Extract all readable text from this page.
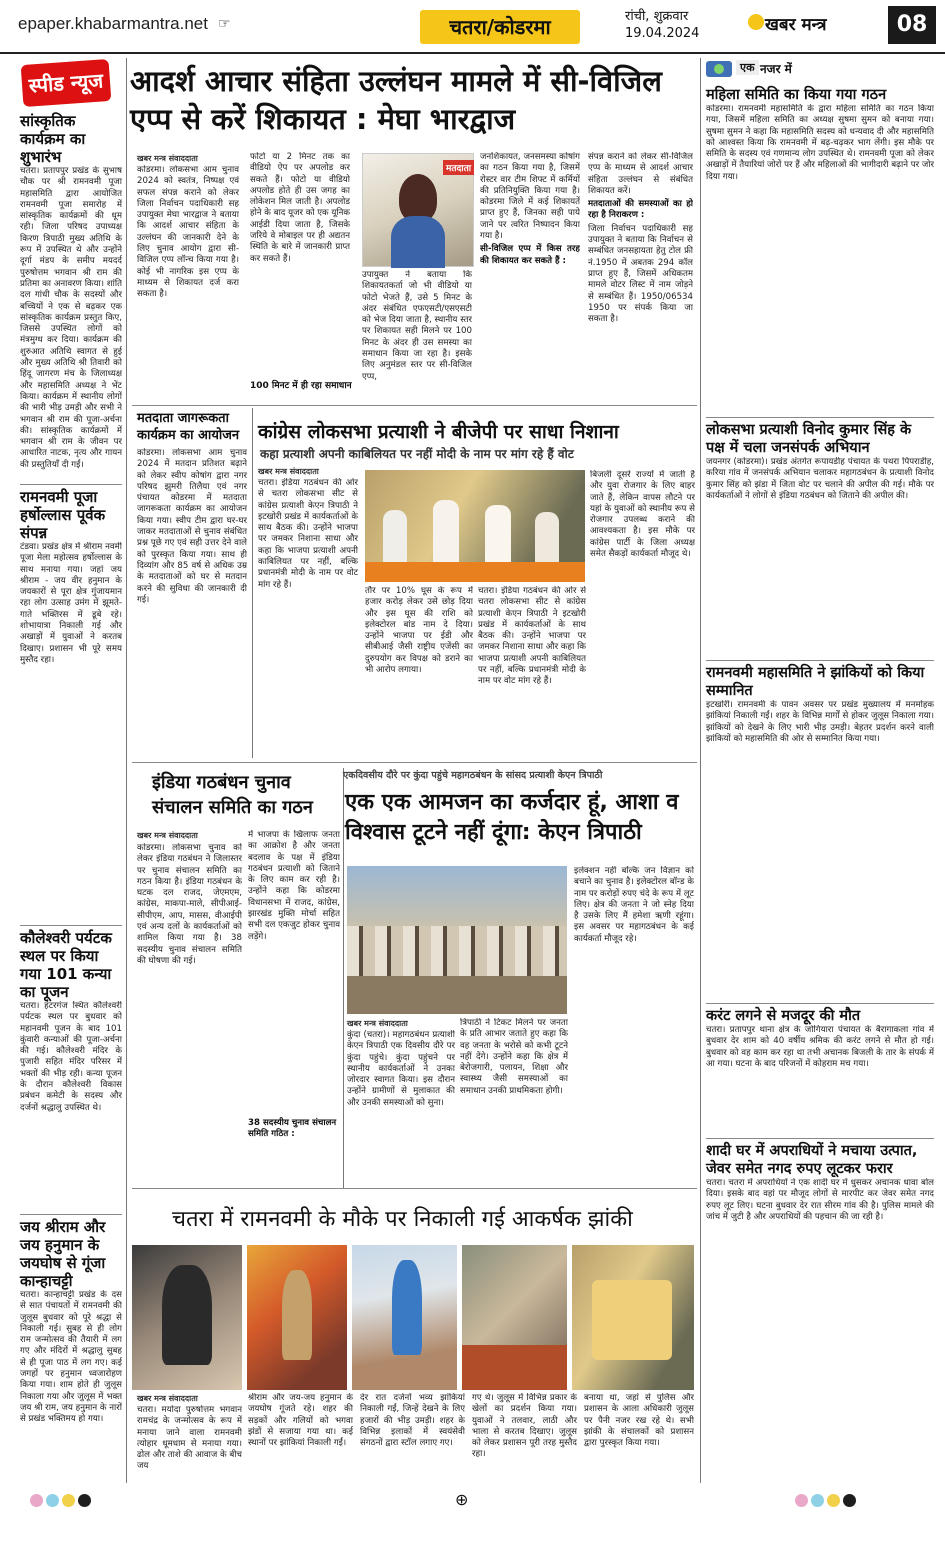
epaper.khabarmantra.net ☞	चतरा/कोडरमा	रांची, शुक्रवार
19.04.2024	खबर मन्त्र	08
स्पीड न्यूज
सांस्कृतिक कार्यक्रम का शुभारंभ
चतरा। प्रतापपुर प्रखंड के सुभाष चौक पर श्री रामनवमी पूजा महासमिति द्वारा आयोजित रामनवमी पूजा समारोह में सांस्कृतिक कार्यक्रमों की धूम रही। जिला परिषद उपाध्यक्ष किरण त्रिपाठी मुख्य अतिथि के रूप में उपस्थित थे और उन्होंने दूर्गा मंडप के समीप मयदर्द पुरुषोत्तम भगवान श्री राम की प्रतिमा का अनावरण किया। शांति दल गांधी चौक के सदस्यों और बच्चियों ने एक से बढ़कर एक सांस्कृतिक कार्यक्रम प्रस्तुत किए, जिससे उपस्थित लोगों को मंत्रमुग्ध कर दिया। कार्यक्रम की शुरुआत अतिथि स्वागत से हुई और मुख्य अतिथि श्री तिवारी को हिंदू जागरण मंच के जिलाध्यक्ष और महासमिति अध्यक्ष ने भेंट किया। कार्यक्रम में स्थानीय लोगों की भारी भीड़ उमड़ी और सभी ने भगवान श्री राम की पूजा-अर्चना की। सांस्कृतिक कार्यक्रमों में भगवान श्री राम के जीवन पर आधारित नाटक, नृत्य और गायन की प्रस्तुतियाँ दी गईं।
रामनवमी पूजा हर्षोल्लास पूर्वक संपन्न
टंडवा। प्रखंड क्षेत्र में श्रीराम नवमी पूजा मेला महोत्सव हर्षोल्लास के साथ मनाया गया। जहां जय श्रीराम - जय वीर हनुमान के जयकारों से पूरा क्षेत्र गुंजायमान रहा लोग उत्साह उमंग में झूमते-गाते भक्तिरस में डूबे रहे। शोभायात्रा निकाली गई और अखाड़ों में युवाओं ने करतब दिखाए। प्रशासन भी पूरे समय मुस्तैद रहा।
कौलेश्वरी पर्यटक स्थल पर किया गया 101 कन्या का पूजन
चतरा। हंटरगंज स्थित कौलेश्वरी पर्यटक स्थल पर बुधवार को महानवमी पूजन के बाद 101 कुंवारी कन्याओं की पूजा-अर्चना की गई। कौलेश्वरी मंदिर के पुजारी सहित मंदिर परिसर में भक्तों की भीड़ रही। कन्या पूजन के दौरान कौलेश्वरी विकास प्रबंधन कमेटी के सदस्य और दर्जनों श्रद्धालु उपस्थित थे।
जय श्रीराम और जय हनुमान के जयघोष से गूंजा कान्हाचट्टी
चतरा। कान्हाचट्टी प्रखंड के दस से सात पंचायतों में रामनवमी की जुलूस बुधवार को पूरे श्रद्धा से निकाली गई। सुबह से ही लोग राम जन्मोत्सव की तैयारी में लग गए और मंदिरों में श्रद्धालु सुबह से ही पूजा पाठ में लग गए। कई जगहों पर हनुमान ध्वजारोहण किया गया। शाम होते ही जुलूस निकाला गया और जुलूस में भक्त जय श्री राम, जय हनुमान के नारों से प्रखंड भक्तिमय हो गया।
आदर्श आचार संहिता उल्लंघन मामले में सी-विजिल एप्प से करें शिकायत : मेघा भारद्वाज
खबर मन्त्र संवाददाता
कोडरमा। लोकसभा आम चुनाव 2024 को स्वतंत्र, निष्पक्ष एवं सफल संपन्न कराने को लेकर जिला निर्वाचन पदाधिकारी सह उपायुक्त मेघा भारद्वाज ने बताया कि आदर्श आचार संहिता के उल्लंघन की जानकारी देने के लिए चुनाव आयोग द्वारा सी-विजिल एप्प लॉन्च किया गया है। कोई भी नागरिक इस एप्प के माध्यम से शिकायत दर्ज करा सकता है।
फोटो या 2 मिनट तक का वीडियो ऐप पर अपलोड कर सकते हैं। फोटो या वीडियो अपलोड होते ही उस जगह का लोकेशन मिल जाती है। अपलोड होने के बाद यूजर को एक यूनिक आईडी दिया जाता है, जिसके जरिये वे मोबाइल पर ही अद्यतन स्थिति के बारे में जानकारी प्राप्त कर सकते हैं।
मतदाता
उपायुक्त ने बताया कि शिकायतकर्ता जो भी वीडियो या फोटो भेजते हैं, उसे 5 मिनट के अंदर संबंधित एफएसटी/एसएसटी को भेज दिया जाता है, स्थानीय स्तर पर शिकायत सही मिलने पर 100 मिनट के अंदर ही उस समस्या का समाधान किया जा रहा है। इसके लिए अनुमंडल स्तर पर सी-विजिल एप्प,

जनशिकायत, जनसमस्या कोषांग का गठन किया गया है, जिसमें रोस्टर वार टीम शिफ्ट में कर्मियों की प्रतिनियुक्ति किया गया है। कोडरमा जिले में कई शिकायतें प्राप्त हुए हैं, जिनका सही पाये जाने पर त्वरित निष्पादन किया गया है।

सी-विजिल एप्प में किस तरह की शिकायत कर सकते हैं :

संपन्न कराने को लेकर सी-विजिल एप्प के माध्यम से आदर्श आचार संहिता उल्लंघन से संबंधित शिकायत करें।

मतदाताओं की समस्याओं का हो रहा है निराकरण :

जिला निर्वाचन पदाधिकारी सह उपायुक्त ने बताया कि निर्वाचन से सम्बंधित जनसहायता हेतु टोल फ्री नं.1950 में अबतक 294 कॉल प्राप्त हुए हैं, जिसमें अधिकतम मामले वोटर लिस्ट में नाम जोड़ने से सम्बंधित हैं। 1950/06534 1950 पर संपर्क किया जा सकता है।

100 मिनट में ही रहा समाधान
मतदाता जागरूकता कार्यक्रम का आयोजन
कोडरमा। लोकसभा आम चुनाव 2024 में मतदान प्रतिशत बढ़ाने को लेकर स्वीप कोषांग द्वारा नगर परिषद झुमरी तिलैया एवं नगर पंचायत कोडरमा में मतदाता जागरूकता कार्यक्रम का आयोजन किया गया। स्वीप टीम द्वारा घर-घर जाकर मतदाताओं से चुनाव संबंधित प्रश्न पूछे गए एवं सही उत्तर देने वाले को पुरस्कृत किया गया। साथ ही दिव्यांग और 85 वर्ष से अधिक उम्र के मतदाताओं को घर से मतदान करने की सुविधा की जानकारी दी गई।
कांग्रेस लोकसभा प्रत्याशी ने बीजेपी पर साधा निशाना
कहा प्रत्याशी अपनी काबिलियत पर नहीं मोदी के नाम पर मांग रहे हैं वोट
खबर मन्त्र संवाददाता
चतरा। इंडिया गठबंधन की ओर से चतरा लोकसभा सीट से कांग्रेस प्रत्याशी केएन त्रिपाठी ने इटखोरी प्रखंड में कार्यकर्ताओं के साथ बैठक की। उन्होंने भाजपा पर जमकर निशाना साधा और कहा कि भाजपा प्रत्याशी अपनी काबिलियत पर नहीं, बल्कि प्रधानमंत्री मोदी के नाम पर वोट मांग रहे हैं।
तौर पर 10% घूस के रूप में हजार करोड़ लेकर उसे छोड़ दिया और इस घूस की राशि को इलेक्टोरल बांड नाम दे दिया। उन्होंने भाजपा पर ईडी और सीबीआई जैसी राष्ट्रीय एजेंसी का दुरुपयोग कर विपक्ष को डराने का भी आरोप लगाया।
चतरा। इंडिया गठबंधन की ओर से चतरा लोकसभा सीट से कांग्रेस प्रत्याशी केएन त्रिपाठी ने इटखोरी प्रखंड में कार्यकर्ताओं के साथ बैठक की। उन्होंने भाजपा पर जमकर निशाना साधा और कहा कि भाजपा प्रत्याशी अपनी काबिलियत पर नहीं, बल्कि प्रधानमंत्री मोदी के नाम पर वोट मांग रहे हैं।
बिजली दूसरे राज्यों में जाती है और युवा रोजगार के लिए बाहर जाते हैं, लेकिन वापस लौटने पर यहां के युवाओं को स्थानीय रूप से रोजगार उपलब्ध कराने की आवश्यकता है। इस मौके पर कांग्रेस पार्टी के जिला अध्यक्ष समेत सैकड़ों कार्यकर्ता मौजूद थे।
इंडिया गठबंधन चुनाव संचालन समिति का गठन
खबर मन्त्र संवाददाता
कोडरमा। लोकसभा चुनाव को लेकर इंडिया गठबंधन ने जिलास्तर पर चुनाव संचालन समिति का गठन किया है। इंडिया गठबंधन के घटक दल राजद, जेएमएम, कांग्रेस, माकपा-माले, सीपीआई-सीपीएम, आप, मासस, वीआईपी एवं अन्य दलों के कार्यकर्ताओं को शामिल किया गया है। 38 सदस्यीय चुनाव संचालन समिति की घोषणा की गई।
में भाजपा के खिलाफ जनता का आक्रोश है और जनता बदलाव के पक्ष में इंडिया गठबंधन प्रत्याशी को जिताने के लिए काम कर रही है। उन्होंने कहा कि कोडरमा विधानसभा में राजद, कांग्रेस, झारखंड मुक्ति मोर्चा सहित सभी दल एकजुट होकर चुनाव लड़ेंगे।
38 सदस्यीय चुनाव संचालन समिति गठित :
एकदिवसीय दौरे पर कुंदा पहुंचे महागठबंधन के सांसद प्रत्याशी केएन त्रिपाठी
एक एक आमजन का कर्जदार हूं, आशा व विश्वास टूटने नहीं दूंगा: केएन त्रिपाठी
खबर मन्त्र संवाददाता
कुंदा (चतरा)। महागठबंधन प्रत्याशी केएन त्रिपाठी एक दिवसीय दौरे पर कुंदा पहुंचे। कुंदा पहुंचने पर स्थानीय कार्यकर्ताओं ने उनका जोरदार स्वागत किया। इस दौरान उन्होंने ग्रामीणों से मुलाकात की और उनकी समस्याओं को सुना।
त्रिपाठी ने टिकट मिलने पर जनता के प्रति आभार जताते हुए कहा कि वह जनता के भरोसे को कभी टूटने नहीं देंगे। उन्होंने कहा कि क्षेत्र में बेरोजगारी, पलायन, शिक्षा और स्वास्थ्य जैसी समस्याओं का समाधान उनकी प्राथमिकता होगी।
इलेक्शन नहीं बल्कि जन विज्ञान को बचाने का चुनाव है। इलेक्टोरल बॉन्ड के नाम पर करोड़ों रुपए चंदे के रूप में लूट लिए। क्षेत्र की जनता ने जो स्नेह दिया है उसके लिए मैं हमेशा ऋणी रहूंगा। इस अवसर पर महागठबंधन के कई कार्यकर्ता मौजूद रहे।
चतरा में रामनवमी के मौके पर निकाली गई आकर्षक झांकी
खबर मन्त्र संवाददाता
चतरा। मर्यादा पुरुषोत्तम भगवान रामचंद्र के जन्मोत्सव के रूप में मनाया जाने वाला रामनवमी त्योहार धूमधाम से मनाया गया। ढोल और ताशे की आवाज के बीच जय
श्रीराम और जय-जय हनुमान के जयघोष गूंजते रहे। शहर की सड़कों और गलियों को भगवा झंडों से सजाया गया था। कई स्थानों पर झांकियां निकाली गईं।
देर रात दर्जनों भव्य झांकियां निकाली गईं, जिन्हें देखने के लिए हजारों की भीड़ उमड़ी। शहर के विभिन्न इलाकों में स्वयंसेवी संगठनों द्वारा स्टॉल लगाए गए।
गए थे। जुलूस में विभिन्न प्रकार के खेलों का प्रदर्शन किया गया। युवाओं ने तलवार, लाठी और भाला से करतब दिखाए। जुलूस को लेकर प्रशासन पूरी तरह मुस्तैद रहा।
बनाया था, जहां से पुलिस और प्रशासन के आला अधिकारी जुलूस पर पैनी नजर रख रहे थे। सभी झांकी के संचालकों को प्रशासन द्वारा पुरस्कृत किया गया।
एक नजर में
महिला समिति का किया गया गठन
कोडरमा। रामनवमी महासमिति के द्वारा महिला समिति का गठन किया गया, जिसमें महिला समिति का अध्यक्ष सुषमा सुमन को बनाया गया। सुषमा सुमन ने कहा कि महासमिति सदस्य को धन्यवाद दी और महासमिति को आश्वस्त किया कि रामनवमी में बढ़-चढ़कर भाग लेंगी। इस मौके पर समिति के सदस्य एवं गणमान्य लोग उपस्थित थे। रामनवमी पूजा को लेकर अखाड़ों में तैयारियां जोरों पर हैं और महिलाओं की भागीदारी बढ़ाने पर जोर दिया गया।
लोकसभा प्रत्याशी विनोद कुमार सिंह के पक्ष में चला जनसंपर्क अभियान
जयनगर (कोडरमा)। प्रखंड अंतर्गत रूपायडीह पंचायत के पथरा पिपराडीह, करिया गांव में जनसंपर्क अभियान चलाकर महागठबंधन के प्रत्याशी विनोद कुमार सिंह को झंडा में जिता वोट पर चलाने की अपील की गई। मौके पर कार्यकर्ताओं ने लोगों से इंडिया गठबंधन को जिताने की अपील की।
रामनवमी महासमिति ने झांकियों को किया सम्मानित
इटखोरी। रामनवमी के पावन अवसर पर प्रखंड मुख्यालय में मनमोहक झांकियां निकाली गईं। शहर के विभिन्न मार्गों से होकर जुलूस निकाला गया। झांकियों को देखने के लिए भारी भीड़ उमड़ी। बेहतर प्रदर्शन करने वाली झांकियों को महासमिति की ओर से सम्मानित किया गया।
करंट लगने से मजदूर की मौत
चतरा। प्रतापपुर थाना क्षेत्र के जोगियारा पंचायत के बैरागाकला गांव में बुधवार देर शाम को 40 वर्षीय श्रमिक की करंट लगने से मौत हो गई। बुधवार को वह काम कर रहा था तभी अचानक बिजली के तार के संपर्क में आ गया। घटना के बाद परिजनों में कोहराम मच गया।
शादी घर में अपराधियों ने मचाया उत्पात, जेवर समेत नगद रुपए लूटकर फरार
चतरा। चतरा में अपराधियों ने एक शादी घर में धुसकर अचानक धावा बोल दिया। इसके बाद वहां पर मौजूद लोगों से मारपीट कर जेवर समेत नगद रुपए लूट लिए। घटना बुधवार देर रात सीरम गांव की है। पुलिस मामले की जांच में जुटी है और अपराधियों की पहचान की जा रही है।
⊕
